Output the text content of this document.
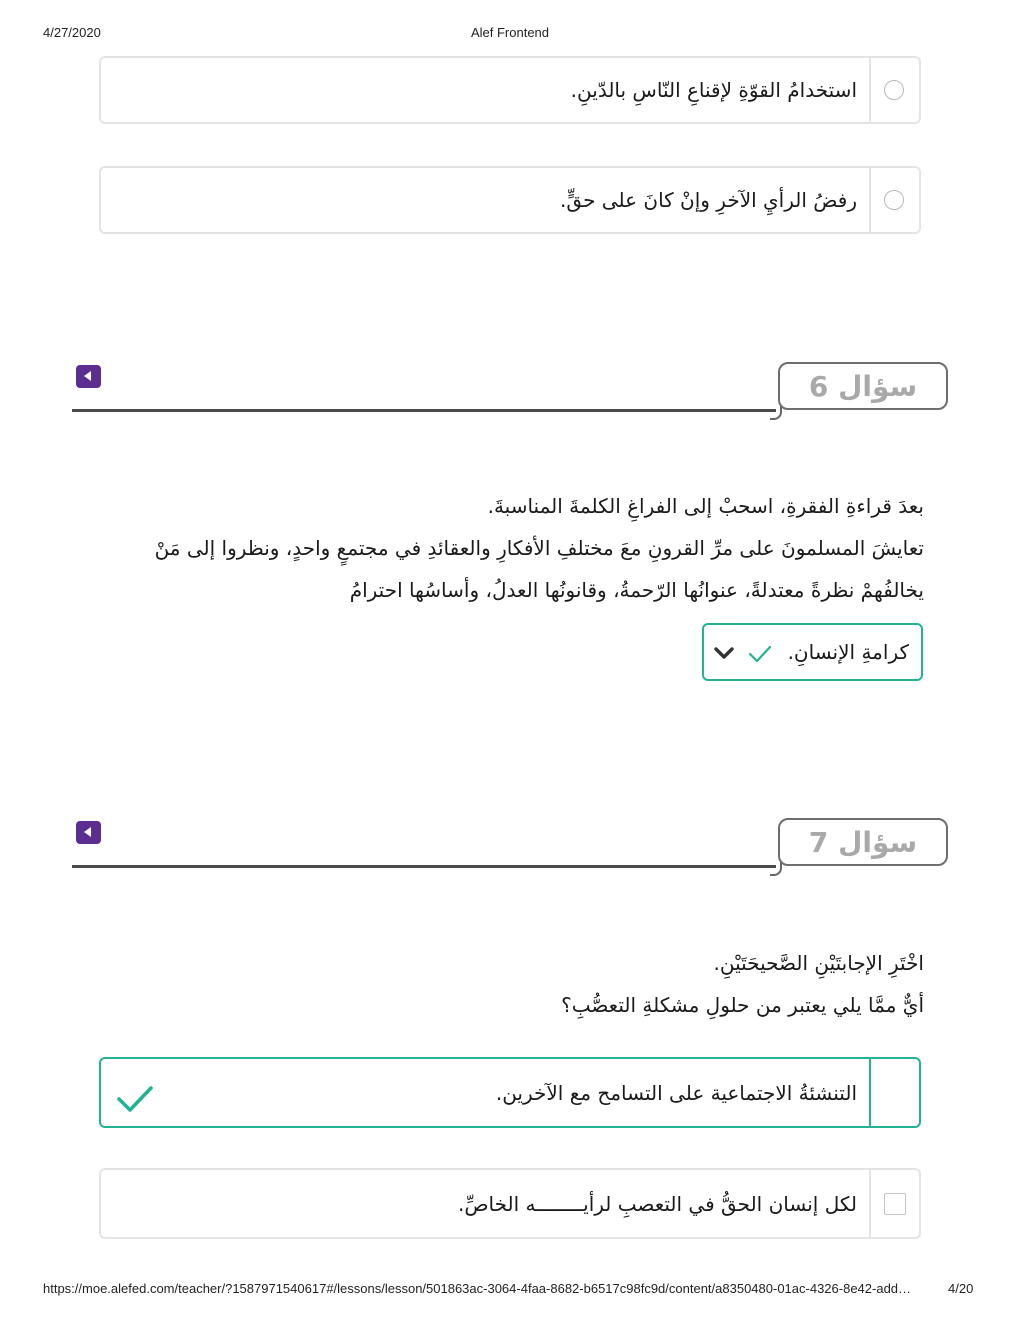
4/27/2020	Alef Frontend
استخدامُ القوّةِ لإقناعِ النّاسِ بالدّينِ.
رفضُ الرأيِ الآخرِ وإنْ كانَ على حقٍّ.
سؤال 6
بعدَ قراءةِ الفقرةِ، اسحبْ إلى الفراغِ الكلمةَ المناسبةَ.
تعايشَ المسلمونَ على مرِّ القرونِ معَ مختلفِ الأفكارِ والعقائدِ في مجتمعٍ واحدٍ، ونظروا إلى مَنْ
يخالفُهمْ نظرةً معتدلةً، عنوانُها الرّحمةُ، وقانونُها العدلُ، وأساسُها احترامُ
كرامةِ الإنسانِ.
سؤال 7
اخْتَرِ الإجابتَيْنِ الصَّحيحَتَيْنِ.
أيٌّ ممَّا يلي يعتبر من حلولِ مشكلةِ التعصُّبِ؟
التنشئةُ الاجتماعية على التسامح مع الآخرين.
لكل إنسان الحقُّ في التعصبِ لرأيــــــــه الخاصِّ.
https://moe.alefed.com/teacher/?1587971540617#/lessons/lesson/501863ac-3064-4faa-8682-b6517c98fc9d/content/a8350480-01ac-4326-8e42-add…	4/20
